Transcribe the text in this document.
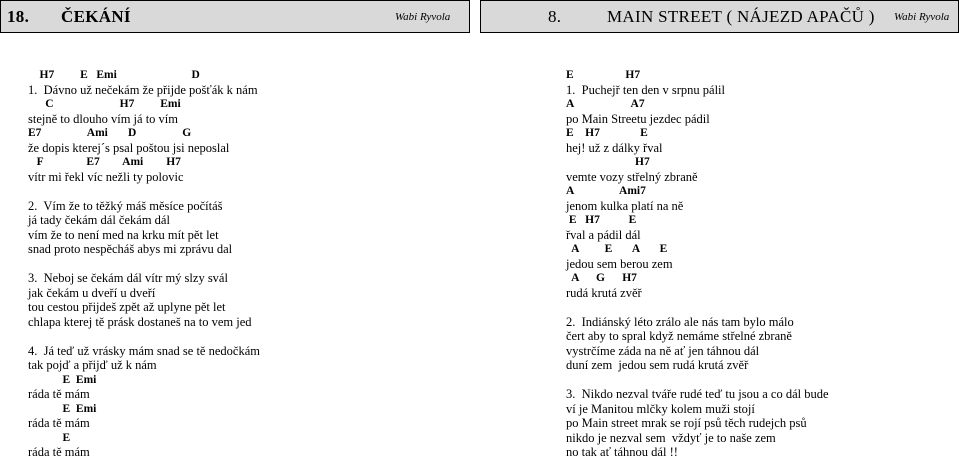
18. ČEKÁNÍ	Wabi Ryvola	8.	MAIN STREET ( NÁJEZD APAČŮ ) Wabi Ryvola
H7         E   Emi                          D
1.  Dávno už nečekám že přijde pošťák k nám
C                       H7         Emi
stejně to dlouho vím já to vím
E7                Ami       D                G
že dopis kterej´s psal poštou jsi neposlal
F               E7        Ami        H7
vítr mi řekl víc nežli ty polovic
2.  Vím že to těžký máš měsíce počítáš
já tady čekám dál čekám dál
vím že to není med na krku mít pět let
snad proto nespěcháš abys mi zprávu dal
3.  Neboj se čekám dál vítr mý slzy svál
jak čekám u dveří u dveří
tou cestou přijdeš zpět až uplyne pět let
chlapa kterej tě prásk dostaneš na to vem jed
4.  Já teď už vrásky mám snad se tě nedočkám
tak pojď a přijď už k nám
E  Emi
ráda tě mám
E  Emi
ráda tě mám
E
ráda tě mám
E                  H7
1.  Puchejř ten den v srpnu pálil
A                    A7
po Main Streetu jezdec pádil
E    H7              E
hej! už z dálky řval
H7
vemte vozy střelný zbraně
A                Ami7
jenom kulka platí na ně
E   H7          E
řval a pádil dál
A         E       A       E
jedou sem berou zem
A      G      H7
rudá krutá zvěř
2.  Indiánský léto zrálo ale nás tam bylo málo
čert aby to spral když nemáme střelné zbraně
vystrčíme záda na ně ať jen táhnou dál
duní zem  jedou sem rudá krutá zvěř
3.  Nikdo nezval tváře rudé teď tu jsou a co dál bude
ví je Manitou mlčky kolem muži stojí
po Main street mrak se rojí psů těch rudejch psů
nikdo je nezval sem  vždyť je to naše zem
no tak ať táhnou dál !!
